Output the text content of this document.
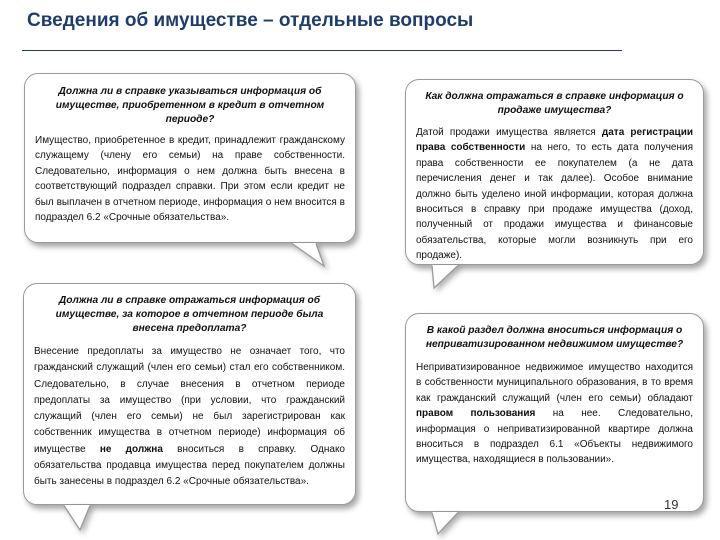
Сведения об имуществе – отдельные вопросы
Должна ли в справке указываться информация об имуществе, приобретенном в кредит в отчетном периоде?
Имущество, приобретенное в кредит, принадлежит гражданскому служащему (члену его семьи) на праве собственности. Следовательно, информация о нем должна быть внесена в соответствующий подраздел справки. При этом если кредит не был выплачен в отчетном периоде, информация о нем вносится в подраздел 6.2 «Срочные обязательства».
Как должна отражаться в справке информация о продаже имущества?
Датой продажи имущества является дата регистрации права собственности на него, то есть дата получения права собственности ее покупателем (а не дата перечисления денег и так далее). Особое внимание должно быть уделено иной информации, которая должна вноситься в справку при продаже имущества (доход, полученный от продажи имущества и финансовые обязательства, которые могли возникнуть при его продаже).
Должна ли в справке отражаться информация об имуществе, за которое в отчетном периоде была внесена предоплата?
Внесение предоплаты за имущество не означает того, что гражданский служащий (член его семьи) стал его собственником. Следовательно, в случае внесения в отчетном периоде предоплаты за имущество (при условии, что гражданский служащий (член его семьи) не был зарегистрирован как собственник имущества в отчетном периоде) информация об имуществе не должна вноситься в справку. Однако обязательства продавца имущества перед покупателем должны быть занесены в подраздел 6.2 «Срочные обязательства».
В какой раздел должна вноситься информация о неприватизированном недвижимом имуществе?
Неприватизированное недвижимое имущество находится в собственности муниципального образования, в то время как гражданский служащий (член его семьи) обладают правом пользования на нее. Следовательно, информация о неприватизированной квартире должна вноситься в подраздел 6.1 «Объекты недвижимого имущества, находящиеся в пользовании».
19
